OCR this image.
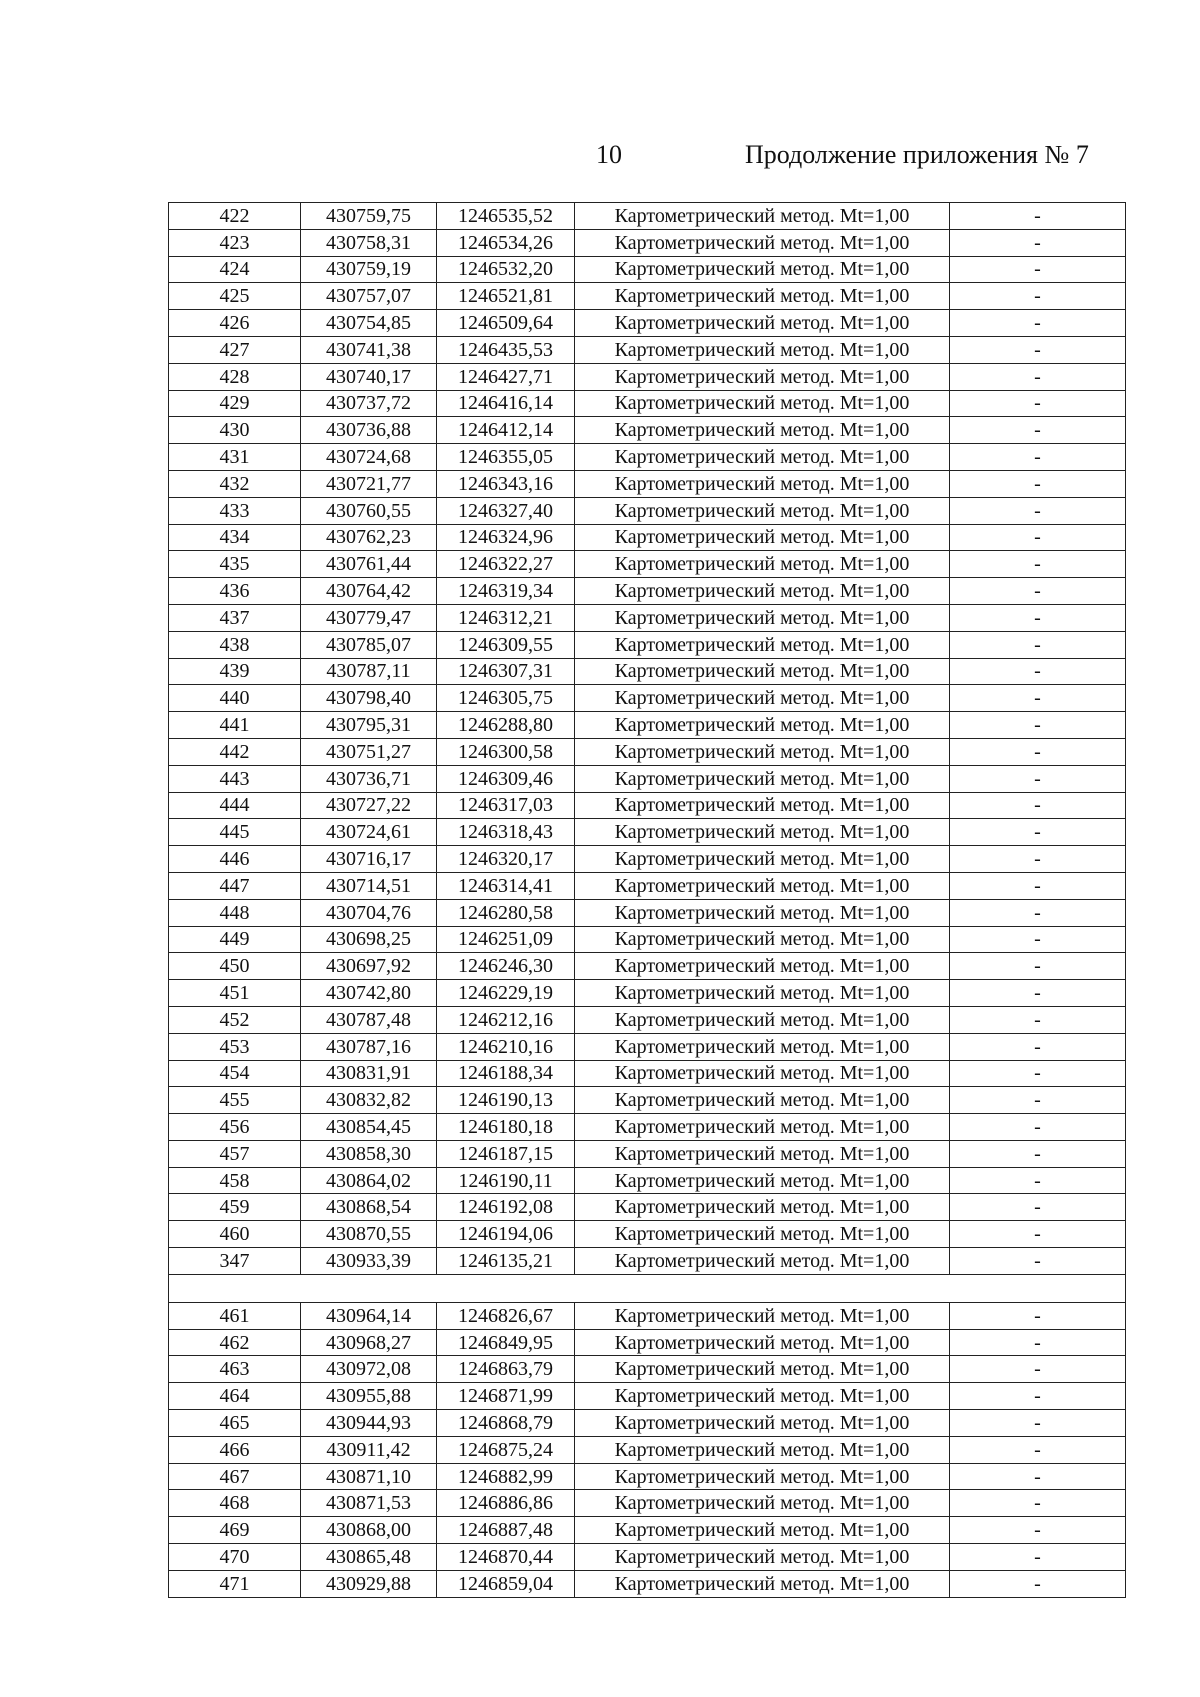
10	Продолжение приложения № 7
422	430759,75	1246535,52	Картометрический метод. Mt=1,00	-
423	430758,31	1246534,26	Картометрический метод. Mt=1,00	-
424	430759,19	1246532,20	Картометрический метод. Mt=1,00	-
425	430757,07	1246521,81	Картометрический метод. Mt=1,00	-
426	430754,85	1246509,64	Картометрический метод. Mt=1,00	-
427	430741,38	1246435,53	Картометрический метод. Mt=1,00	-
428	430740,17	1246427,71	Картометрический метод. Mt=1,00	-
429	430737,72	1246416,14	Картометрический метод. Mt=1,00	-
430	430736,88	1246412,14	Картометрический метод. Mt=1,00	-
431	430724,68	1246355,05	Картометрический метод. Mt=1,00	-
432	430721,77	1246343,16	Картометрический метод. Mt=1,00	-
433	430760,55	1246327,40	Картометрический метод. Mt=1,00	-
434	430762,23	1246324,96	Картометрический метод. Mt=1,00	-
435	430761,44	1246322,27	Картометрический метод. Mt=1,00	-
436	430764,42	1246319,34	Картометрический метод. Mt=1,00	-
437	430779,47	1246312,21	Картометрический метод. Mt=1,00	-
438	430785,07	1246309,55	Картометрический метод. Mt=1,00	-
439	430787,11	1246307,31	Картометрический метод. Mt=1,00	-
440	430798,40	1246305,75	Картометрический метод. Mt=1,00	-
441	430795,31	1246288,80	Картометрический метод. Mt=1,00	-
442	430751,27	1246300,58	Картометрический метод. Mt=1,00	-
443	430736,71	1246309,46	Картометрический метод. Mt=1,00	-
444	430727,22	1246317,03	Картометрический метод. Mt=1,00	-
445	430724,61	1246318,43	Картометрический метод. Mt=1,00	-
446	430716,17	1246320,17	Картометрический метод. Mt=1,00	-
447	430714,51	1246314,41	Картометрический метод. Mt=1,00	-
448	430704,76	1246280,58	Картометрический метод. Mt=1,00	-
449	430698,25	1246251,09	Картометрический метод. Mt=1,00	-
450	430697,92	1246246,30	Картометрический метод. Mt=1,00	-
451	430742,80	1246229,19	Картометрический метод. Mt=1,00	-
452	430787,48	1246212,16	Картометрический метод. Mt=1,00	-
453	430787,16	1246210,16	Картометрический метод. Mt=1,00	-
454	430831,91	1246188,34	Картометрический метод. Mt=1,00	-
455	430832,82	1246190,13	Картометрический метод. Mt=1,00	-
456	430854,45	1246180,18	Картометрический метод. Mt=1,00	-
457	430858,30	1246187,15	Картометрический метод. Mt=1,00	-
458	430864,02	1246190,11	Картометрический метод. Mt=1,00	-
459	430868,54	1246192,08	Картометрический метод. Mt=1,00	-
460	430870,55	1246194,06	Картометрический метод. Mt=1,00	-
347	430933,39	1246135,21	Картометрический метод. Mt=1,00	-

461	430964,14	1246826,67	Картометрический метод. Mt=1,00	-
462	430968,27	1246849,95	Картометрический метод. Mt=1,00	-
463	430972,08	1246863,79	Картометрический метод. Mt=1,00	-
464	430955,88	1246871,99	Картометрический метод. Mt=1,00	-
465	430944,93	1246868,79	Картометрический метод. Mt=1,00	-
466	430911,42	1246875,24	Картометрический метод. Mt=1,00	-
467	430871,10	1246882,99	Картометрический метод. Mt=1,00	-
468	430871,53	1246886,86	Картометрический метод. Mt=1,00	-
469	430868,00	1246887,48	Картометрический метод. Mt=1,00	-
470	430865,48	1246870,44	Картометрический метод. Mt=1,00	-
471	430929,88	1246859,04	Картометрический метод. Mt=1,00	-
